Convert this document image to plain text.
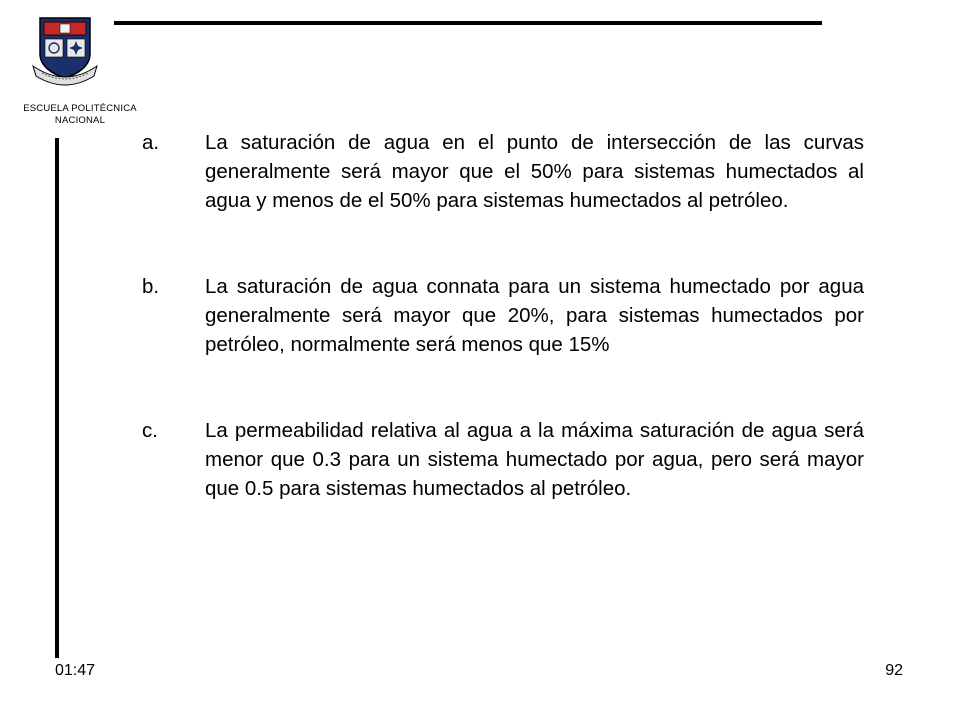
ESCUELA POLITÉCNICA
NACIONAL
a.	La saturación de agua en el punto de intersección de las curvas generalmente será mayor que el 50% para sistemas humectados al agua y menos de el 50% para sistemas humectados al petróleo.
b.	La saturación de agua connata para un sistema humectado por agua generalmente será mayor que 20%, para sistemas humectados por petróleo, normalmente será menos que 15%
c.	La permeabilidad relativa al agua a la máxima saturación de agua será menor que 0.3 para un sistema humectado por agua, pero será mayor que 0.5 para sistemas humectados al petróleo.
01:47	92
